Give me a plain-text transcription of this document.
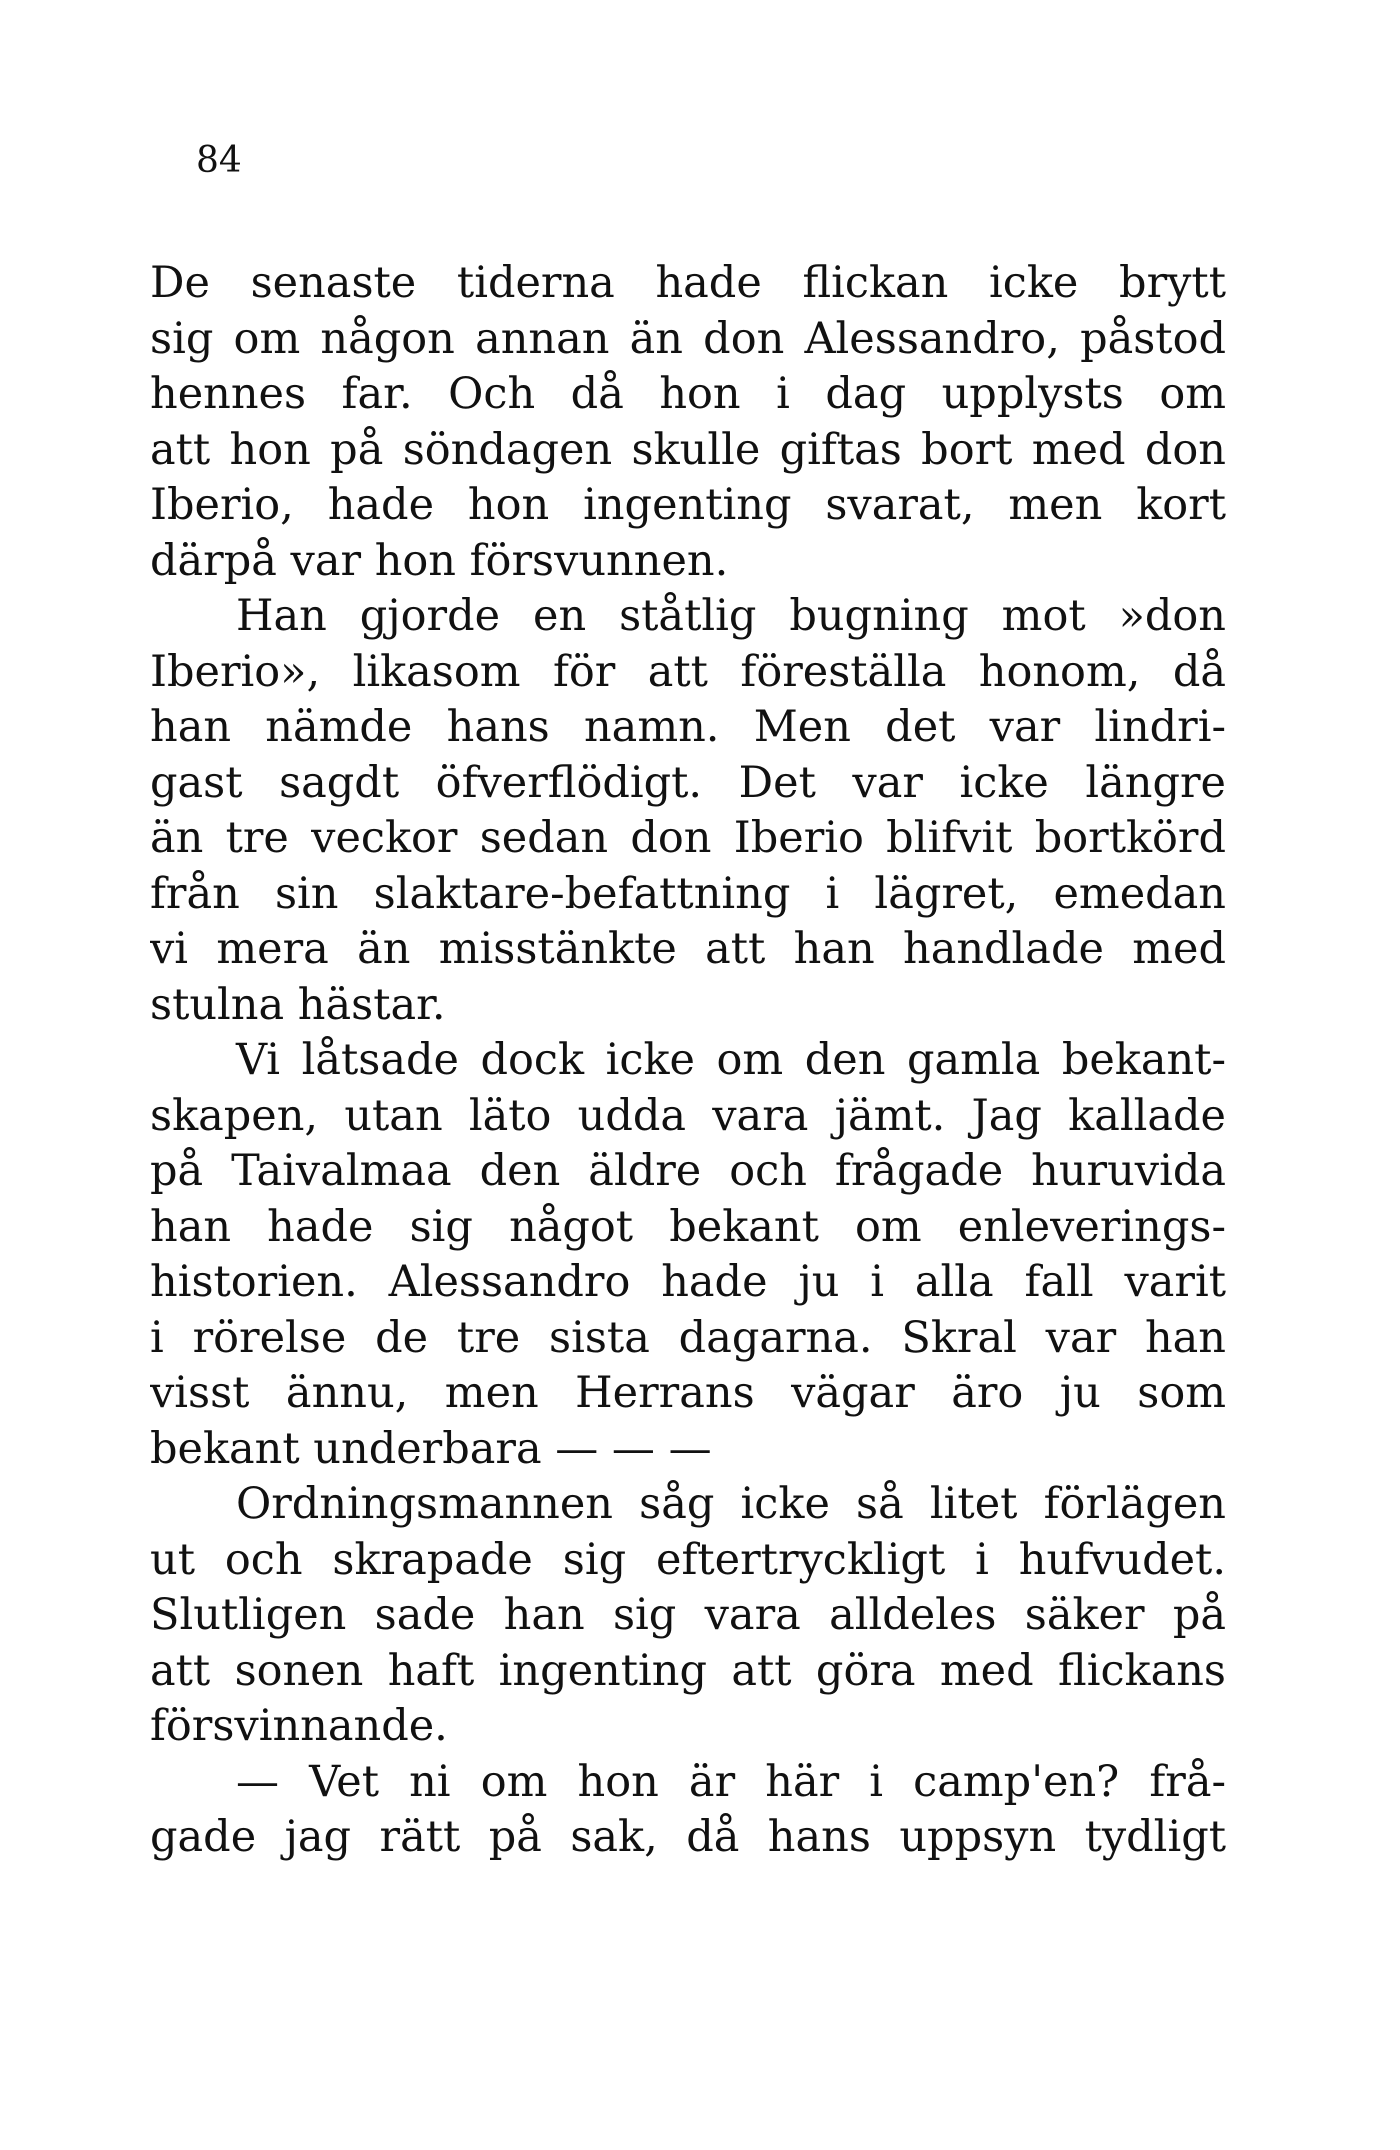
84
De senaste tiderna hade flickan icke brytt
sig om någon annan än don Alessandro, påstod
hennes far. Och då hon i dag upplysts om
att hon på söndagen skulle giftas bort med don
Iberio, hade hon ingenting svarat, men kort
därpå var hon försvunnen.
Han gjorde en ståtlig bugning mot »don
Iberio», likasom för att föreställa honom, då
han nämde hans namn. Men det var lindri-
gast sagdt öfverflödigt. Det var icke längre
än tre veckor sedan don Iberio blifvit bortkörd
från sin slaktare-befattning i lägret, emedan
vi mera än misstänkte att han handlade med
stulna hästar.
Vi låtsade dock icke om den gamla bekant-
skapen, utan läto udda vara jämt. Jag kallade
på Taivalmaa den äldre och frågade huruvida
han hade sig något bekant om enleverings-
historien. Alessandro hade ju i alla fall varit
i rörelse de tre sista dagarna. Skral var han
visst ännu, men Herrans vägar äro ju som
bekant underbara — — —
Ordningsmannen såg icke så litet förlägen
ut och skrapade sig eftertryckligt i hufvudet.
Slutligen sade han sig vara alldeles säker på
att sonen haft ingenting att göra med flickans
försvinnande.
— Vet ni om hon är här i camp'en? frå-
gade jag rätt på sak, då hans uppsyn tydligt
